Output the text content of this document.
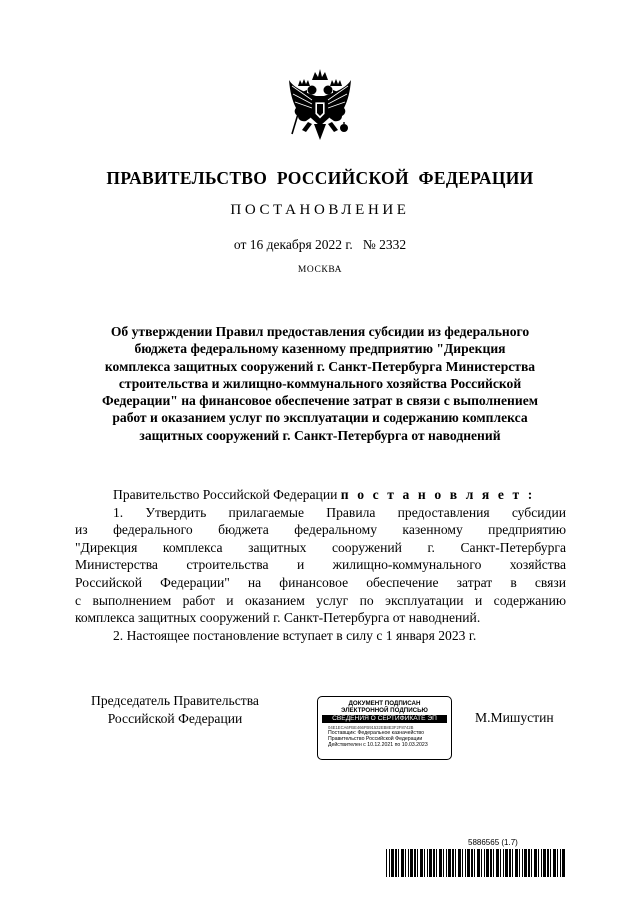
ПРАВИТЕЛЬСТВО РОССИЙСКОЙ ФЕДЕРАЦИИ
ПОСТАНОВЛЕНИЕ
от 16 декабря 2022 г. № 2332
МОСКВА
Об утверждении Правил предоставления субсидии из федерального
бюджета федеральному казенному предприятию "Дирекция
комплекса защитных сооружений г. Санкт-Петербурга Министерства
строительства и жилищно-коммунального хозяйства Российской
Федерации" на финансовое обеспечение затрат в связи с выполнением
работ и оказанием услуг по эксплуатации и содержанию комплекса
защитных сооружений г. Санкт-Петербурга от наводнений
Правительство Российской Федерации п о с т а н о в л я е т :
1. Утвердить прилагаемые Правила предоставления субсидии
из федерального бюджета федеральному казенному предприятию
"Дирекция комплекса защитных сооружений г. Санкт-Петербурга
Министерства строительства и жилищно-коммунального хозяйства
Российской Федерации" на финансовое обеспечение затрат в связи
с выполнением работ и оказанием услуг по эксплуатации и содержанию
комплекса защитных сооружений г. Санкт-Петербурга от наводнений.
2. Настоящее постановление вступает в силу с 1 января 2023 г.
Председатель Правительства
Российской Федерации
ДОКУМЕНТ ПОДПИСАН
ЭЛЕКТРОННОЙ ПОДПИСЬЮ
СВЕДЕНИЯ О СЕРТИФИКАТЕ ЭП
04E1ECA6FBE466FB91532EB8E3F2F8742B
Поставщик: Федеральное казначейство
Правительство Российской Федерации
Действителен с 10.12.2021 по 10.03.2023
М.Мишустин
5886565 (1.7)
